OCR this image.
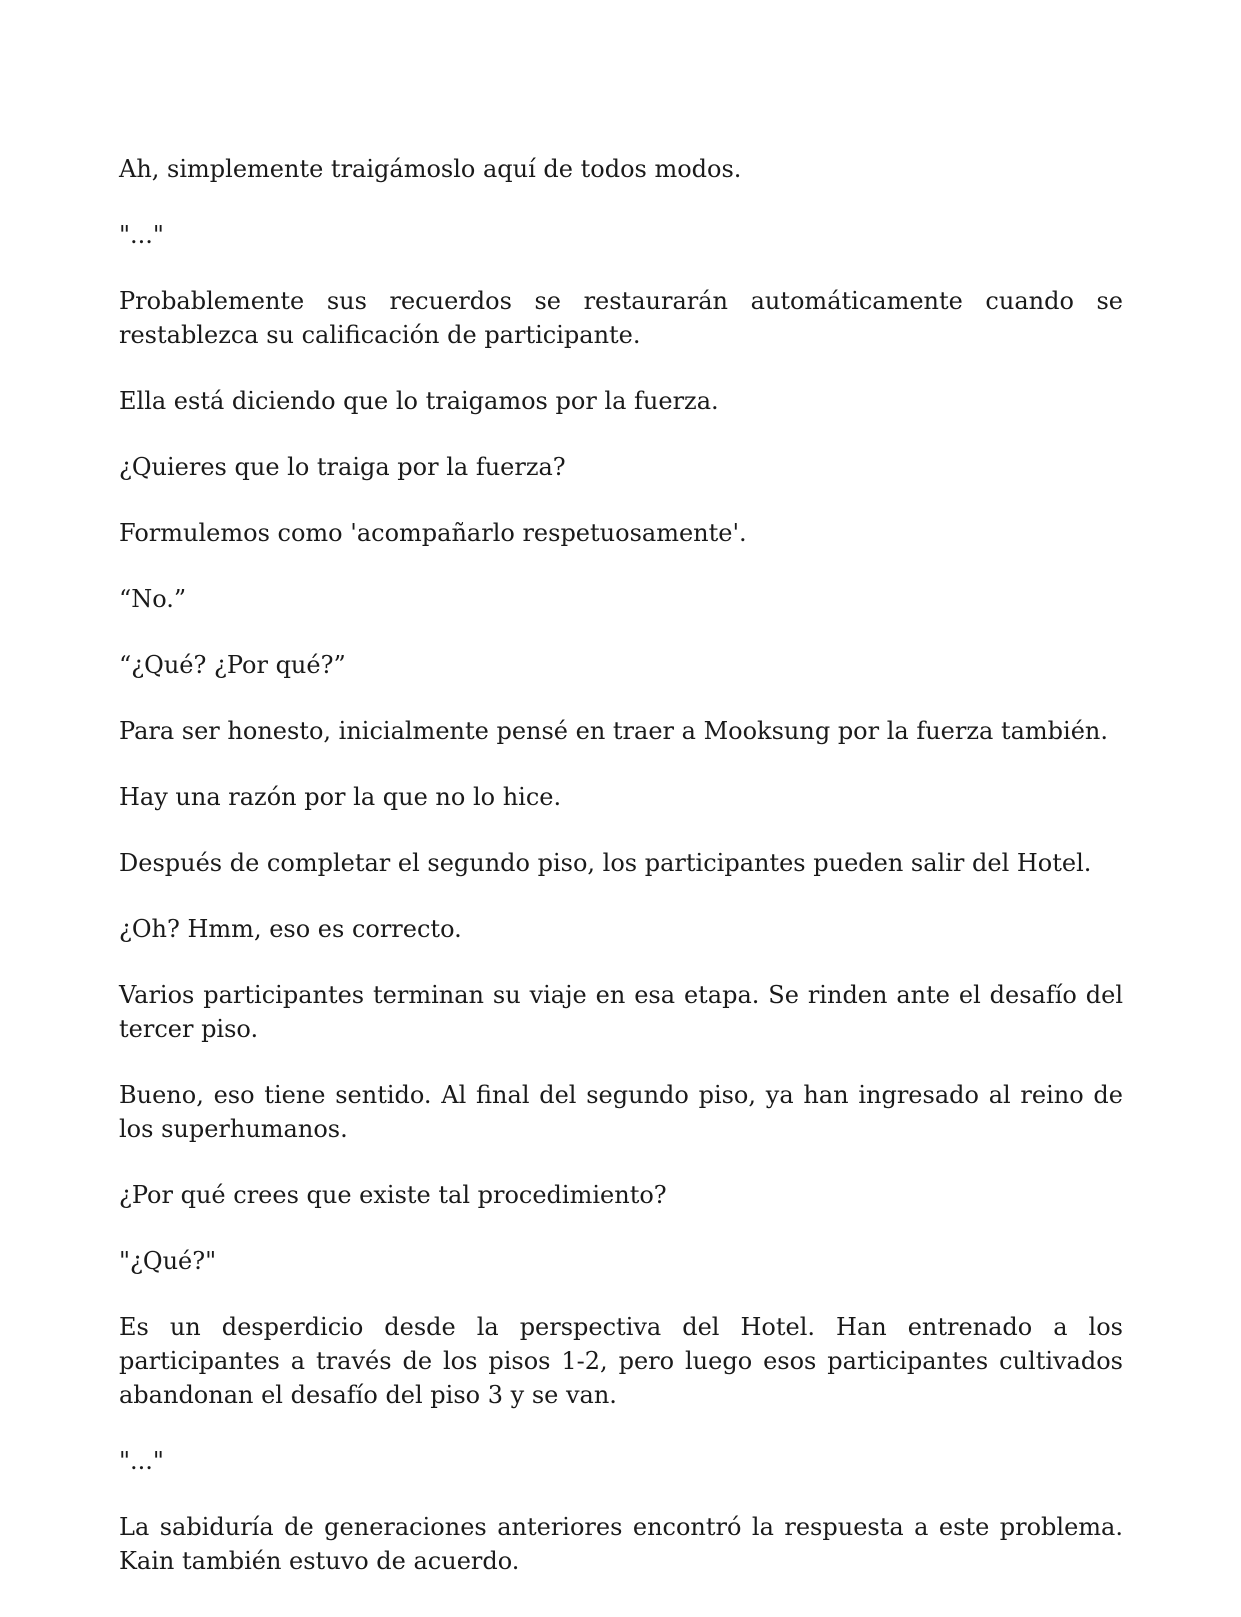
Ah, simplemente traigámoslo aquí de todos modos.

"..."

Probablemente sus recuerdos se restaurarán automáticamente cuando se restablezca su calificación de participante.

Ella está diciendo que lo traigamos por la fuerza.

¿Quieres que lo traiga por la fuerza?

Formulemos como 'acompañarlo respetuosamente'.

“No.”

“¿Qué? ¿Por qué?”

Para ser honesto, inicialmente pensé en traer a Mooksung por la fuerza también.

Hay una razón por la que no lo hice.

Después de completar el segundo piso, los participantes pueden salir del Hotel.

¿Oh? Hmm, eso es correcto.

Varios participantes terminan su viaje en esa etapa. Se rinden ante el desafío del tercer piso.

Bueno, eso tiene sentido. Al final del segundo piso, ya han ingresado al reino de los superhumanos.

¿Por qué crees que existe tal procedimiento?

"¿Qué?"

Es un desperdicio desde la perspectiva del Hotel. Han entrenado a los participantes a través de los pisos 1-2, pero luego esos participantes cultivados abandonan el desafío del piso 3 y se van.

"..."

La sabiduría de generaciones anteriores encontró la respuesta a este problema. Kain también estuvo de acuerdo.
